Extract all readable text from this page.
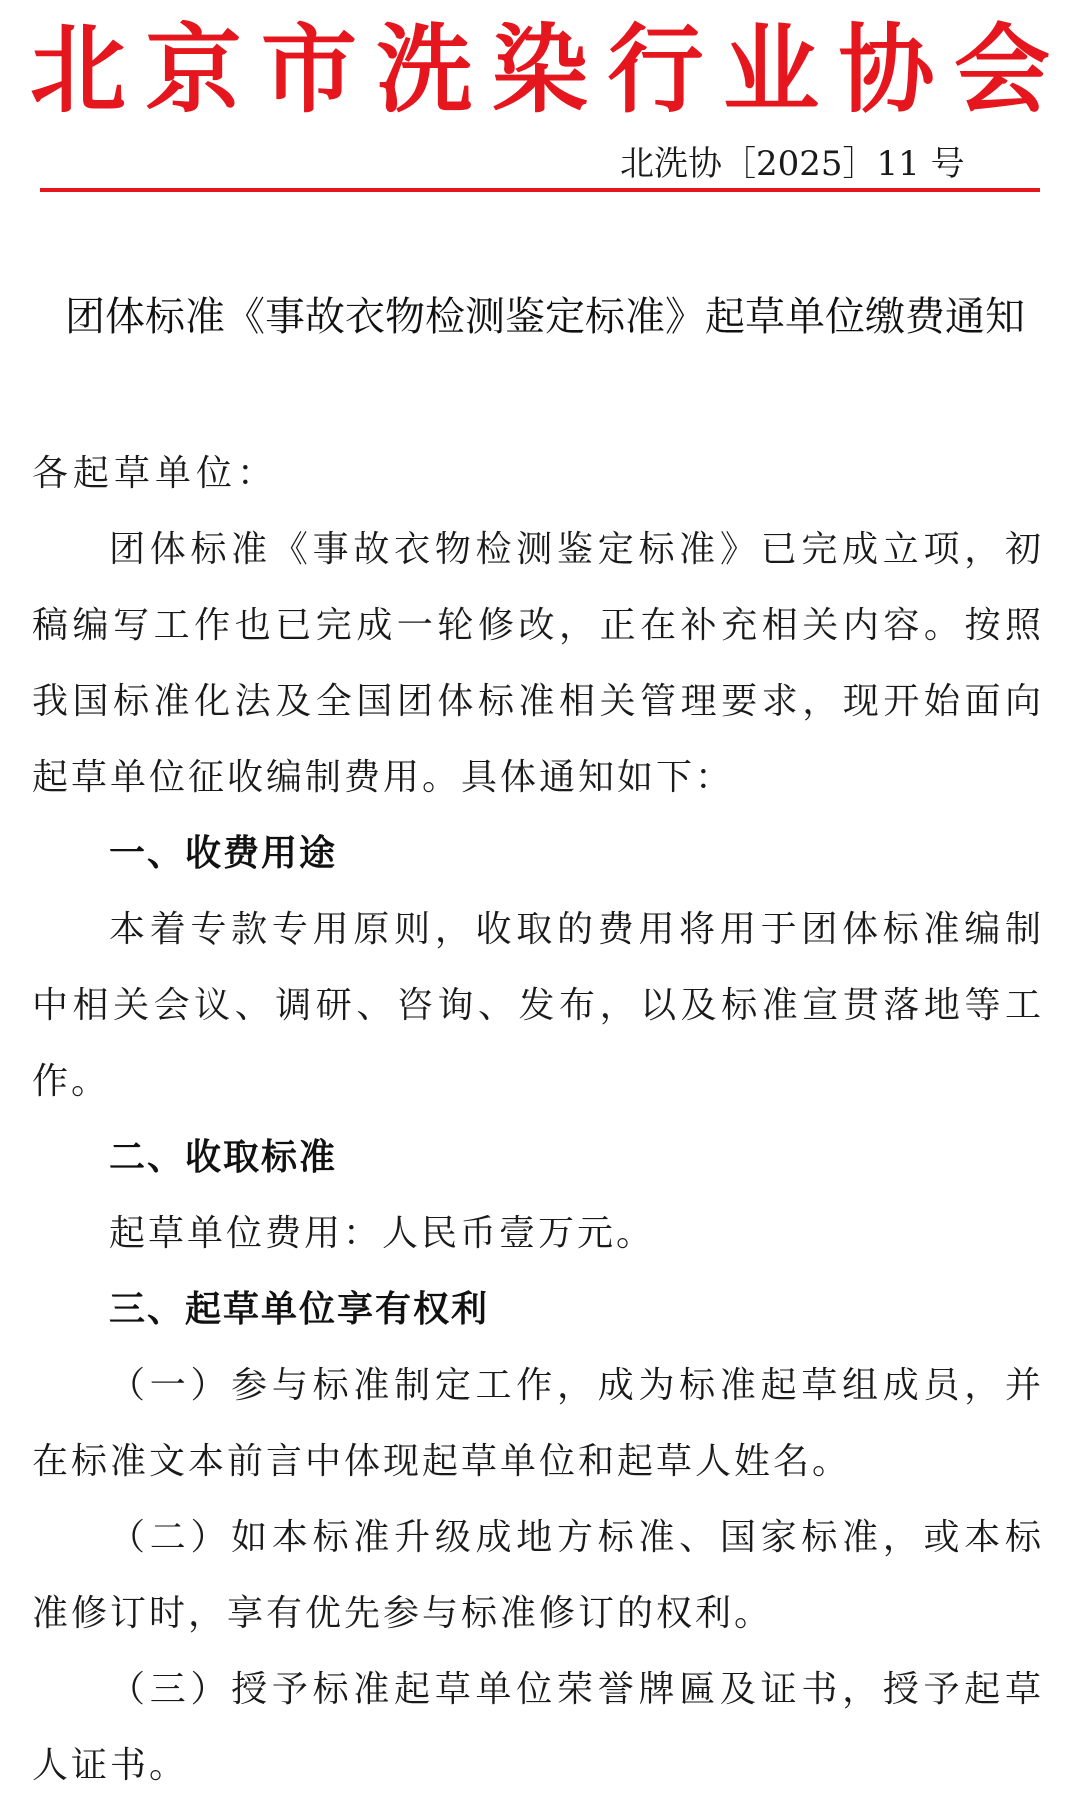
北 京 市 洗 染 行 业 协 会
北洗协［2025］11 号
团体标准《事故衣物检测鉴定标准》起草单位缴费通知

各起草单位：

团体标准《事故衣物检测鉴定标准》已完成立项，初稿编写工作也已完成一轮修改，正在补充相关内容。按照我国标准化法及全国团体标准相关管理要求，现开始面向起草单位征收编制费用。具体通知如下：

一、收费用途

本着专款专用原则，收取的费用将用于团体标准编制中相关会议、调研、咨询、发布，以及标准宣贯落地等工作。

二、收取标准

起草单位费用：人民币壹万元。

三、起草单位享有权利

（一）参与标准制定工作，成为标准起草组成员，并在标准文本前言中体现起草单位和起草人姓名。

（二）如本标准升级成地方标准、国家标准，或本标准修订时，享有优先参与标准修订的权利。

（三）授予标准起草单位荣誉牌匾及证书，授予起草人证书。
